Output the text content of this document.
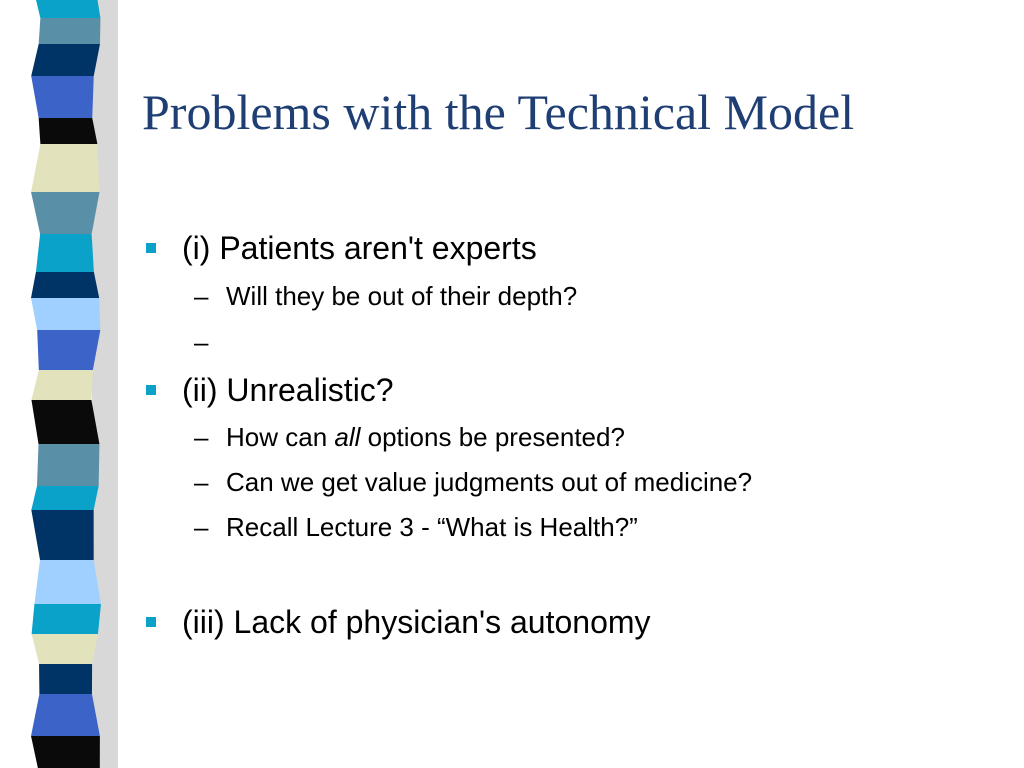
Problems with the Technical Model
(i) Patients aren't experts
– Will they be out of their depth?
–
(ii) Unrealistic?
– How can all options be presented?
– Can we get value judgments out of medicine?
– Recall Lecture 3 - “What is Health?”
(iii) Lack of physician's autonomy
